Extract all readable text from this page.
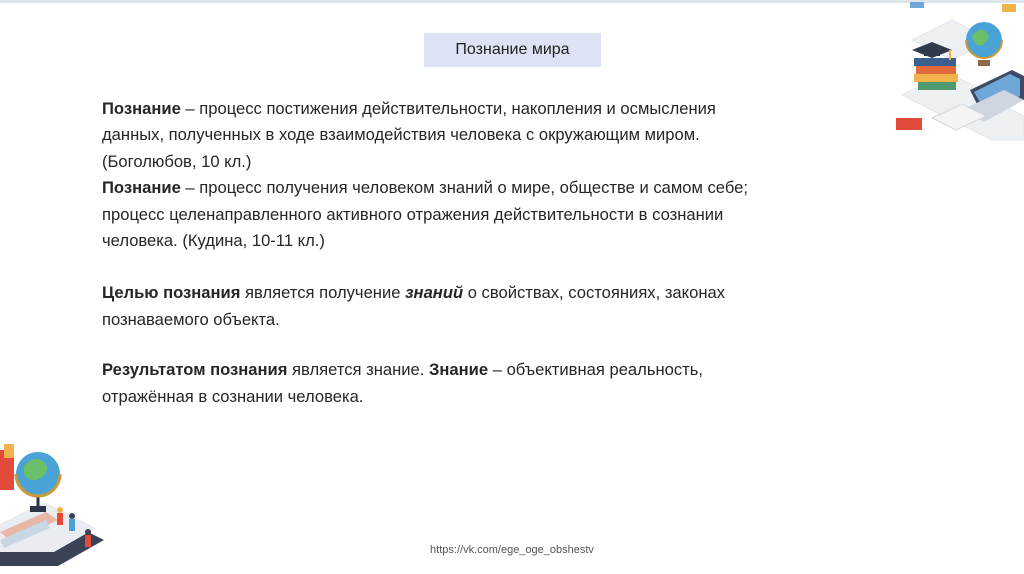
Познание мира

Познание – процесс постижения действительности, накопления и осмысления
данных, полученных в ходе взаимодействия человека с окружающим миром.
(Боголюбов, 10 кл.)

Познание – процесс получения человеком знаний о мире, обществе и самом себе;
процесс целенаправленного активного отражения действительности в сознании
человека. (Кудина, 10-11 кл.)

Целью познания является получение знаний о свойствах, состояниях, законах
познаваемого объекта.

Результатом познания является знание. Знание – объективная реальность,
отражённая в сознании человека.

https://vk.com/ege_oge_obshestv
